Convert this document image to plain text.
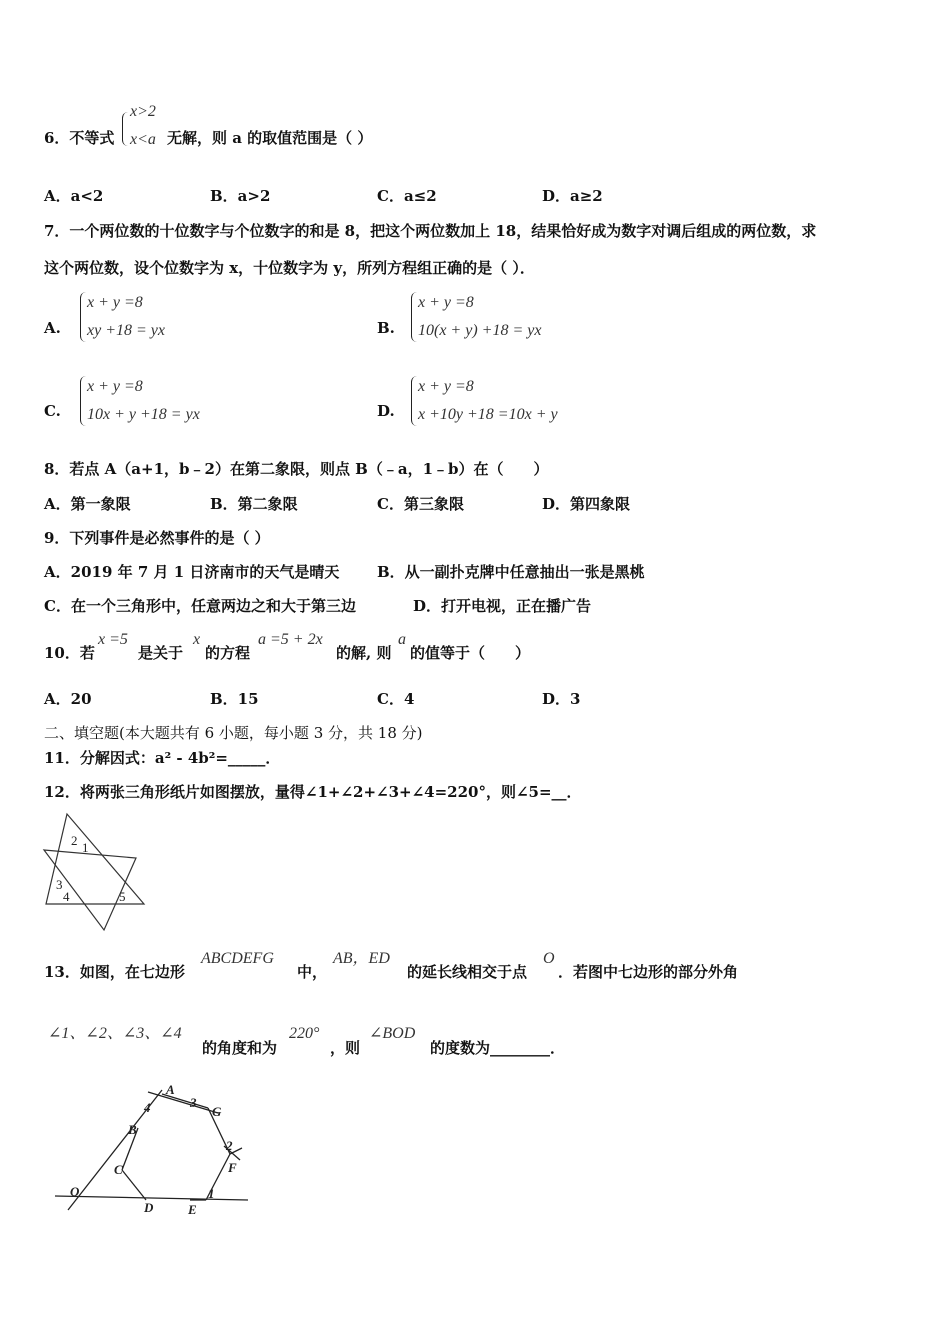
6．不等式
x>2
x<a 无解，则 a 的取值范围是（ ）
A．a<2	B．a>2	C．a≤2	D．a≥2
7．一个两位数的十位数字与个位数字的和是 8，把这个两位数加上 18，结果恰好成为数字对调后组成的两位数，求
这个两位数，设个位数字为 x，十位数字为 y，所列方程组正确的是（ ）．
A.
x + y =8
xy +18 = yx	B.
x + y =8
10(x + y) +18 = yx
C.
x + y =8
10x + y +18 = yx	D.
x + y =8
x +10y +18 =10x + y
8．若点 A（a+1，b﹣2）在第二象限，则点 B（﹣a，1﹣b）在（　　）
A．第一象限	B．第二象限	C．第三象限	D．第四象限
9．下列事件是必然事件的是（ ）
A．2019 年 7 月 1 日济南市的天气是晴天	B．从一副扑克牌中任意抽出一张是黑桃
C．在一个三角形中，任意两边之和大于第三边	D．打开电视，正在播广告
10．若
x =5
是关于
x
的方程
a =5 + 2x
的解, 则
a
的值等于（　　）
A．20	B．15	C．4	D．3
二、填空题(本大题共有 6 小题，每小题 3 分，共 18 分)
11．分解因式：a² - 4b²=_____．
12．将两张三角形纸片如图摆放，量得∠1+∠2+∠3+∠4=220°，则∠5=__．
2 1
3
4	5
13．如图，在七边形
ABCDEFG
中，
AB，ED
的延长线相交于点
O
．若图中七边形的部分外角
∠1、∠2、∠3、∠4
的角度和为
220°
，则
∠BOD
的度数为________．
A
3
G
4
B
2
C	F
O	1
D	E
